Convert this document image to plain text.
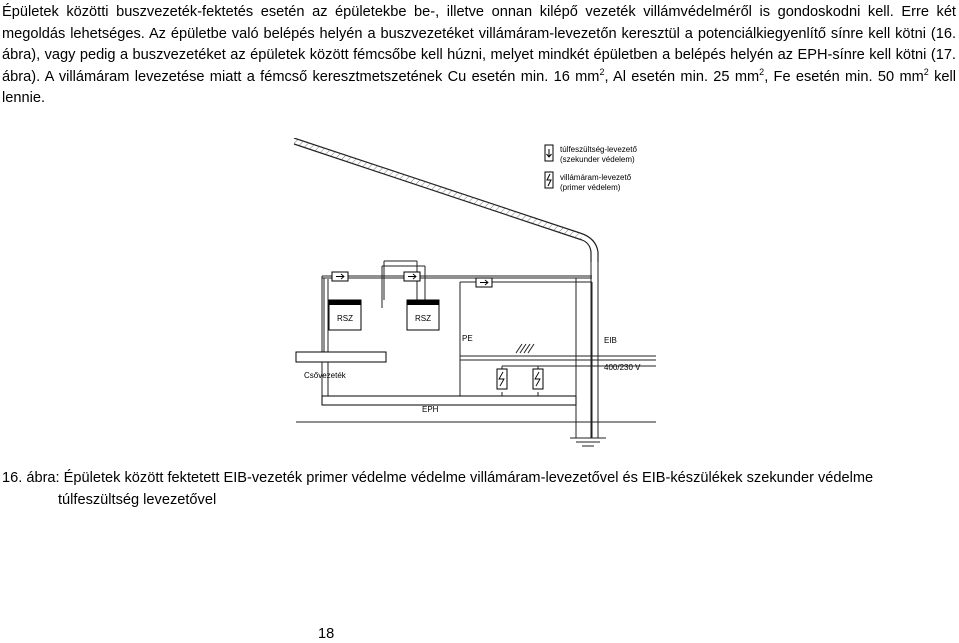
Épületek közötti buszvezeték-fektetés esetén az épületekbe be-, illetve onnan kilépő vezeték villámvédelméről is gondoskodni kell. Erre két megoldás lehetséges. Az épületbe való belépés helyén a buszvezetéket villámáram-levezetőn keresztül a potenciálkiegyenlítő sínre kell kötni (16. ábra), vagy pedig a buszvezetéket az épületek között fémcsőbe kell húzni, melyet mindkét épületben a belépés helyén az EPH-sínre kell kötni (17. ábra). A villámáram levezetése miatt a fémcső keresztmetszetének Cu esetén min. 16 $mm^2$, Al esetén min. 25 $mm^2$, Fe esetén min. 50 $mm^2$ kell lennie.

túlfeszültség-levezető
(szekunder védelem)
villámáram-levezető
(primer védelem)
RSZ	RSZ
Csővezeték
EPH
PE	EIB
400/230 V

16. ábra: Épületek között fektetett EIB-vezeték primer védelme védelme villámáram-levezetővel és EIB-készülékek szekunder védelme
túlfeszültség levezetővel

18
